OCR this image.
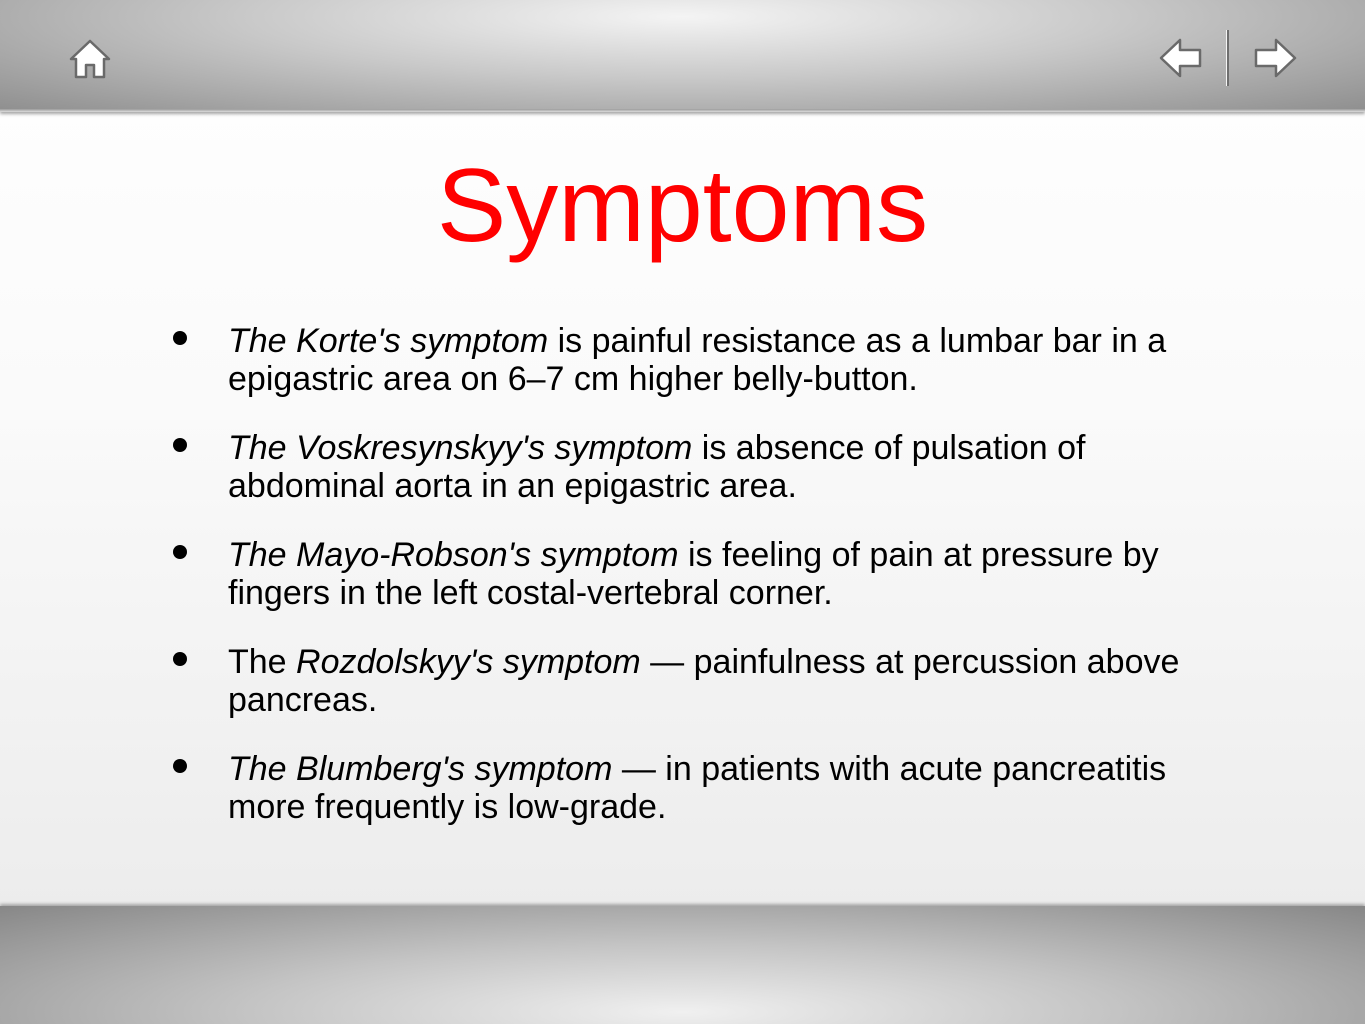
Symptoms
The Korte's symptom is painful resistance as a lumbar bar in a epigastric area on 6–7 cm higher belly-button.
The Voskresynskyy's symptom is absence of pulsation of abdominal aorta in an epigastric area.
The Mayo-Robson's symptom is feeling of pain at pressure by fingers in the left costal-vertebral corner.
The Rozdolskyy's symptom — painfulness at percussion above pancreas.
The Blumberg's symptom — in patients with acute pancreatitis more frequently is low-grade.
